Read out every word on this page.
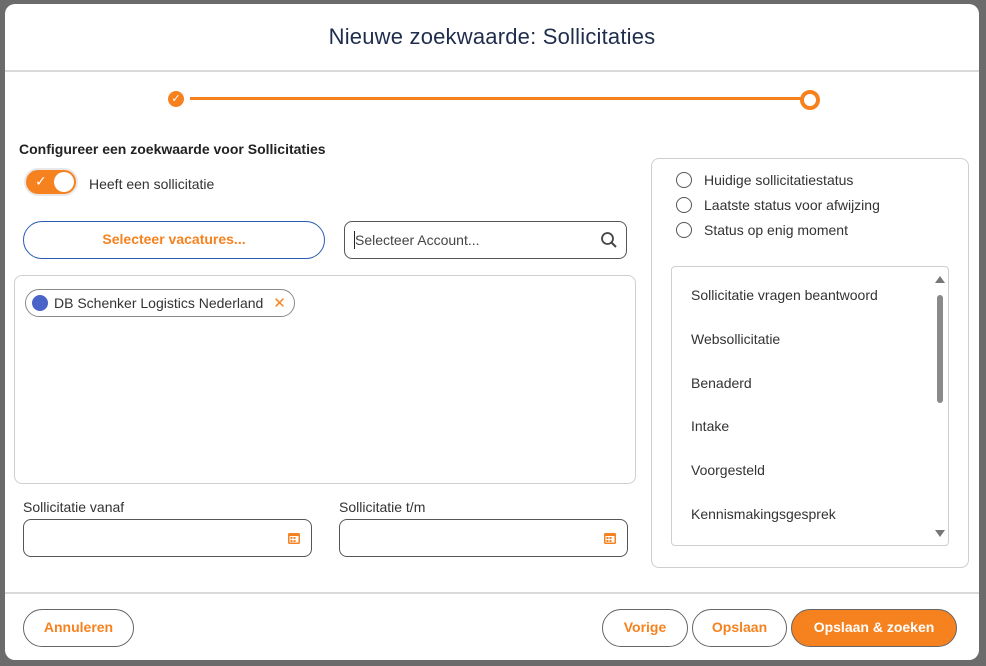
Nieuwe zoekwaarde: Sollicitaties
✓
Configureer een zoekwaarde voor Sollicitaties
✓	Heeft een sollicitatie
Selecteer vacatures...	Selecteer Account...
DB Schenker Logistics Nederland ✕
Sollicitatie vanaf	Sollicitatie t/m
Huidige sollicitatiestatus
Laatste status voor afwijzing
Status op enig moment
Sollicitatie vragen beantwoord
Websollicitatie
Benaderd
Intake
Voorgesteld
Kennismakingsgesprek
Annuleren	Vorige	Opslaan	Opslaan & zoeken
